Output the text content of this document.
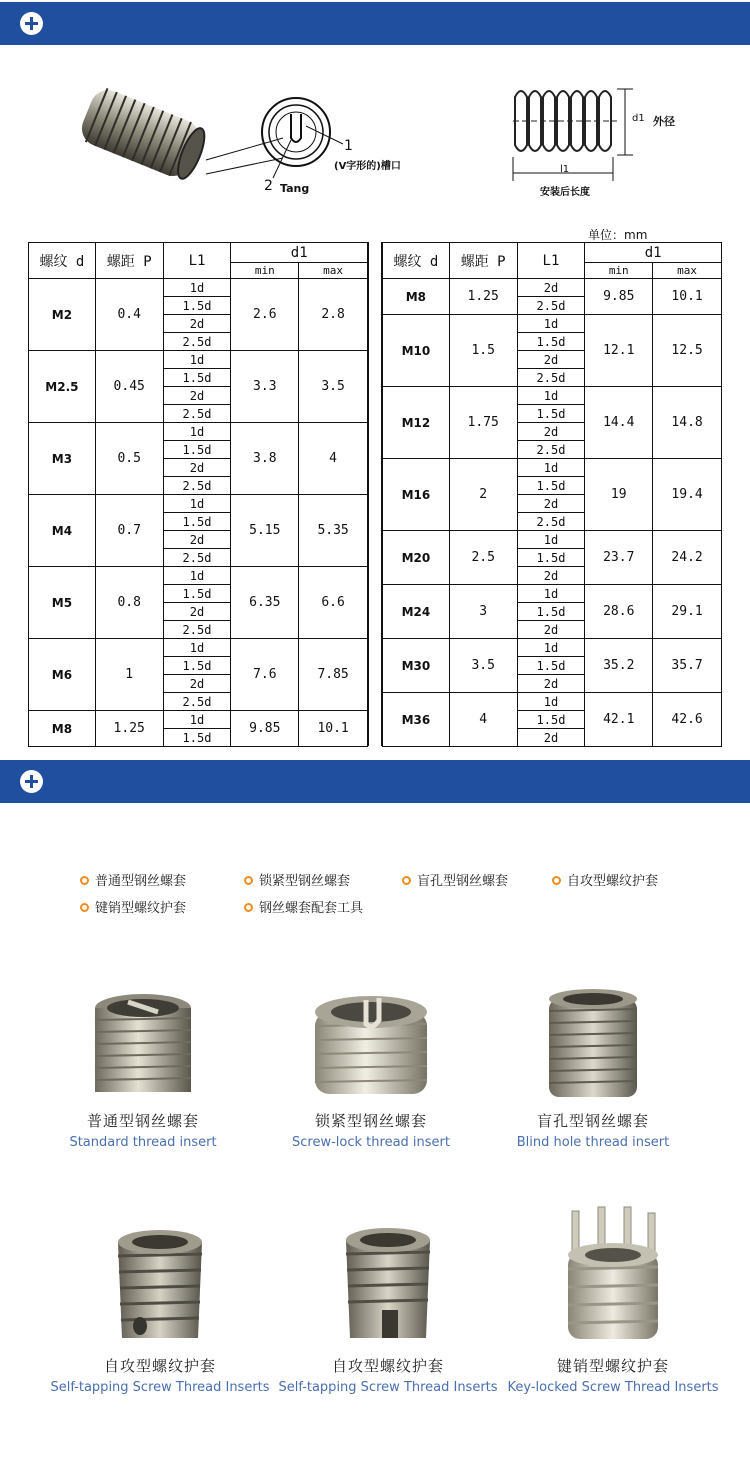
1
(V字形的)槽口
2 Tang
d1 外径
l1
安装后长度
单位：mm
螺纹 d	螺距 P	L1	d1	
			min	max
M2	0.4	1d	2.6	2.8
		1.5d		
		2d		
		2.5d		
M2.5	0.45	1d	3.3	3.5
		1.5d		
		2d		
		2.5d		
M3	0.5	1d	3.8	4
		1.5d		
		2d		
		2.5d		
M4	0.7	1d	5.15	5.35
		1.5d		
		2d		
		2.5d		
M5	0.8	1d	6.35	6.6
		1.5d		
		2d		
		2.5d		
M6	1	1d	7.6	7.85
		1.5d		
		2d		
		2.5d		
M8	1.25	1d	9.85	10.1
		1.5d		
螺纹 d	螺距 P	L1	d1	
			min	max
M8	1.25	2d	9.85	10.1
		2.5d		
M10	1.5	1d	12.1	12.5
		1.5d		
		2d		
		2.5d		
M12	1.75	1d	14.4	14.8
		1.5d		
		2d		
		2.5d		
M16	2	1d	19	19.4
		1.5d		
		2d		
		2.5d		
M20	2.5	1d	23.7	24.2
		1.5d		
		2d		
M24	3	1d	28.6	29.1
		1.5d		
		2d		
M30	3.5	1d	35.2	35.7
		1.5d		
		2d		
M36	4	1d	42.1	42.6
		1.5d		
		2d		
普通型钢丝螺套	锁紧型钢丝螺套	盲孔型钢丝螺套	自攻型螺纹护套
键销型螺纹护套	钢丝螺套配套工具
普通型钢丝螺套
Standard thread insert
锁紧型钢丝螺套
Screw-lock thread insert
盲孔型钢丝螺套
Blind hole thread insert
自攻型螺纹护套
Self-tapping Screw Thread Inserts
自攻型螺纹护套
Self-tapping Screw Thread Inserts
键销型螺纹护套
Key-locked Screw Thread Inserts
